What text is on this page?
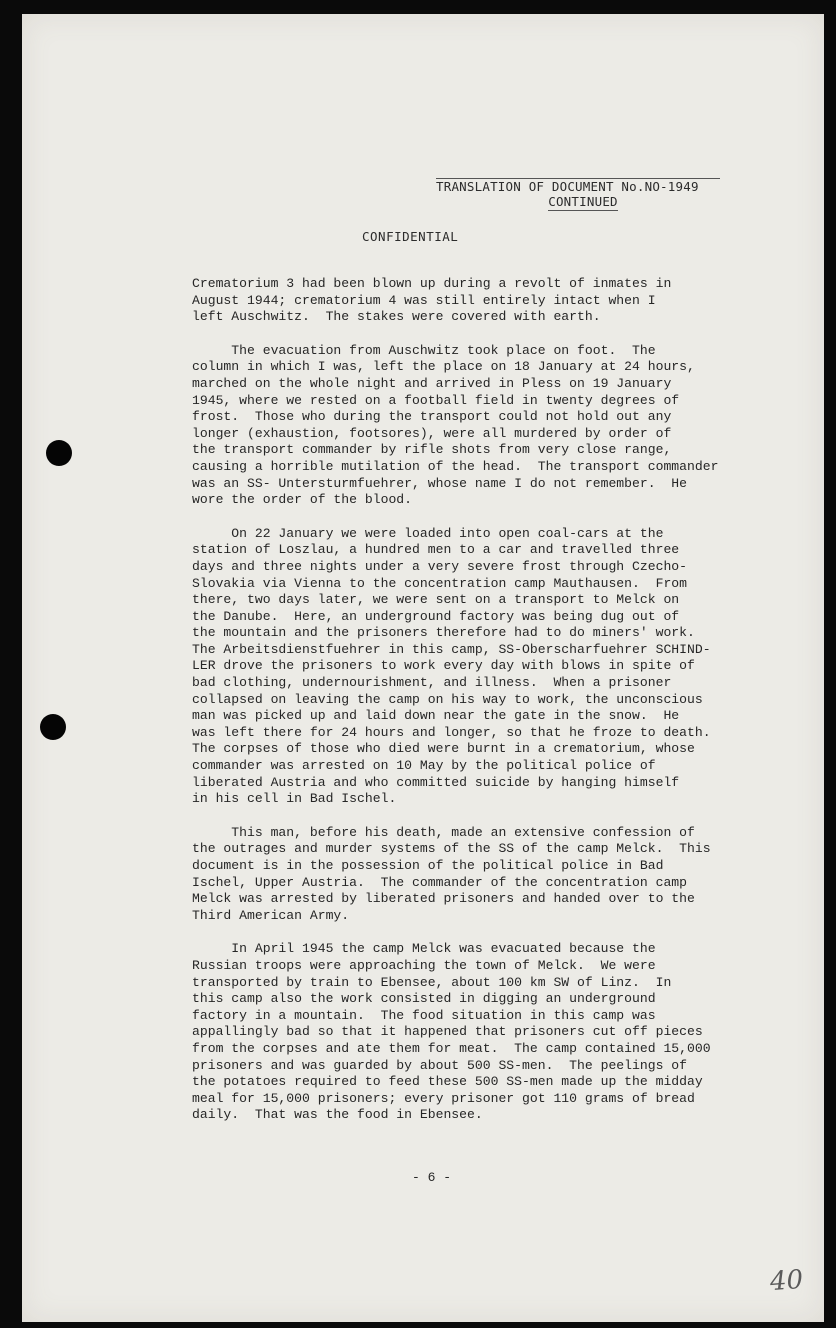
TRANSLATION OF DOCUMENT No.NO-1949
CONTINUED
CONFIDENTIAL
Crematorium 3 had been blown up during a revolt of inmates in
August 1944; crematorium 4 was still entirely intact when I
left Auschwitz.  The stakes were covered with earth.
The evacuation from Auschwitz took place on foot.  The
column in which I was, left the place on 18 January at 24 hours,
marched on the whole night and arrived in Pless on 19 January
1945, where we rested on a football field in twenty degrees of
frost.  Those who during the transport could not hold out any
longer (exhaustion, footsores), were all murdered by order of
the transport commander by rifle shots from very close range,
causing a horrible mutilation of the head.  The transport commander
was an SS- Untersturmfuehrer, whose name I do not remember.  He
wore the order of the blood.
On 22 January we were loaded into open coal-cars at the
station of Loszlau, a hundred men to a car and travelled three
days and three nights under a very severe frost through Czecho-
Slovakia via Vienna to the concentration camp Mauthausen.  From
there, two days later, we were sent on a transport to Melck on
the Danube.  Here, an underground factory was being dug out of
the mountain and the prisoners therefore had to do miners' work.
The Arbeitsdienstfuehrer in this camp, SS-Oberscharfuehrer SCHIND-
LER drove the prisoners to work every day with blows in spite of
bad clothing, undernourishment, and illness.  When a prisoner
collapsed on leaving the camp on his way to work, the unconscious
man was picked up and laid down near the gate in the snow.  He
was left there for 24 hours and longer, so that he froze to death.
The corpses of those who died were burnt in a crematorium, whose
commander was arrested on 10 May by the political police of
liberated Austria and who committed suicide by hanging himself
in his cell in Bad Ischel.
This man, before his death, made an extensive confession of
the outrages and murder systems of the SS of the camp Melck.  This
document is in the possession of the political police in Bad
Ischel, Upper Austria.  The commander of the concentration camp
Melck was arrested by liberated prisoners and handed over to the
Third American Army.
In April 1945 the camp Melck was evacuated because the
Russian troops were approaching the town of Melck.  We were
transported by train to Ebensee, about 100 km SW of Linz.  In
this camp also the work consisted in digging an underground
factory in a mountain.  The food situation in this camp was
appallingly bad so that it happened that prisoners cut off pieces
from the corpses and ate them for meat.  The camp contained 15,000
prisoners and was guarded by about 500 SS-men.  The peelings of
the potatoes required to feed these 500 SS-men made up the midday
meal for 15,000 prisoners; every prisoner got 110 grams of bread
daily.  That was the food in Ebensee.
- 6 -
40
